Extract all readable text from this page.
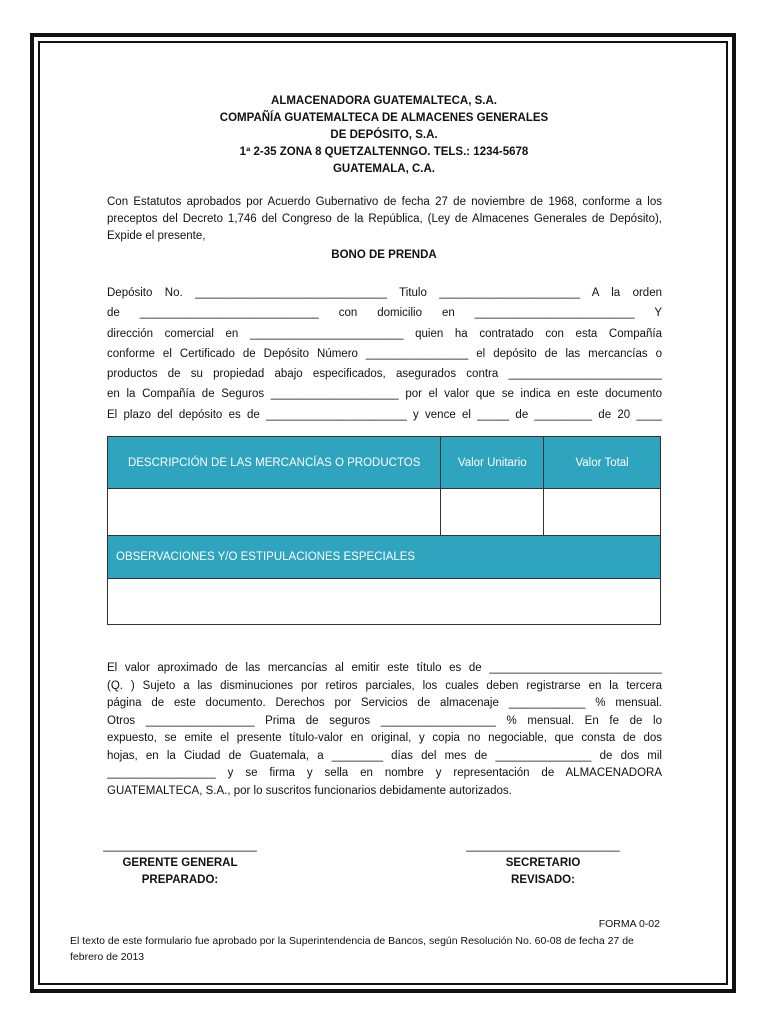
ALMACENADORA GUATEMALTECA, S.A.
COMPAÑÍA GUATEMALTECA DE ALMACENES GENERALES
DE DEPÓSITO, S.A.
1ª 2-35 ZONA 8 QUETZALTENNGO. TELS.: 1234-5678
GUATEMALA, C.A.
Con Estatutos aprobados por Acuerdo Gubernativo de fecha 27 de noviembre de 1968, conforme a los preceptos del Decreto 1,746 del Congreso de la República, (Ley de Almacenes Generales de Depósito), Expide el presente,
BONO DE PRENDA
Depósito No. ______________________________ Titulo ______________________ A la orden
de ____________________________ con domicilio en _________________________ Y
dirección comercial en ________________________ quien ha contratado con esta Compañía
conforme el Certificado de Depósito Número ________________ el depósito de las mercancías o
productos de su propiedad abajo especificados, asegurados contra ________________________
en la Compañía de Seguros ____________________ por el valor que se indica en este documento
El plazo del depósito es de ______________________ y vence el _____ de _________ de 20 ____
DESCRIPCIÓN DE LAS MERCANCÍAS O PRODUCTOS	Valor Unitario	Valor Total

OBSERVACIONES Y/O ESTIPULACIONES ESPECIALES		

El valor aproximado de las mercancías al emitir este título es de ___________________________
(Q. ) Sujeto a las disminuciones por retiros parciales, los cuales deben registrarse en la tercera
página de este documento. Derechos por Servicios de almacenaje ____________ % mensual.
Otros _________________ Prima de seguros __________________ % mensual. En fe de lo
expuesto, se emite el presente título-valor en original, y copia no negociable, que consta de dos
hojas, en la Ciudad de Guatemala, a ________ días del mes de _______________ de dos mil
_________________ y se firma y sella en nombre y representación de ALMACENADORA
GUATEMALTECA, S.A., por lo suscritos funcionarios debidamente autorizados.
________________________
GERENTE GENERAL
PREPARADO:
________________________
SECRETARIO
REVISADO:
FORMA 0-02
El texto de este formulario fue aprobado por la Superintendencia de Bancos, según Resolución No. 60-08 de fecha 27 de febrero de 2013
